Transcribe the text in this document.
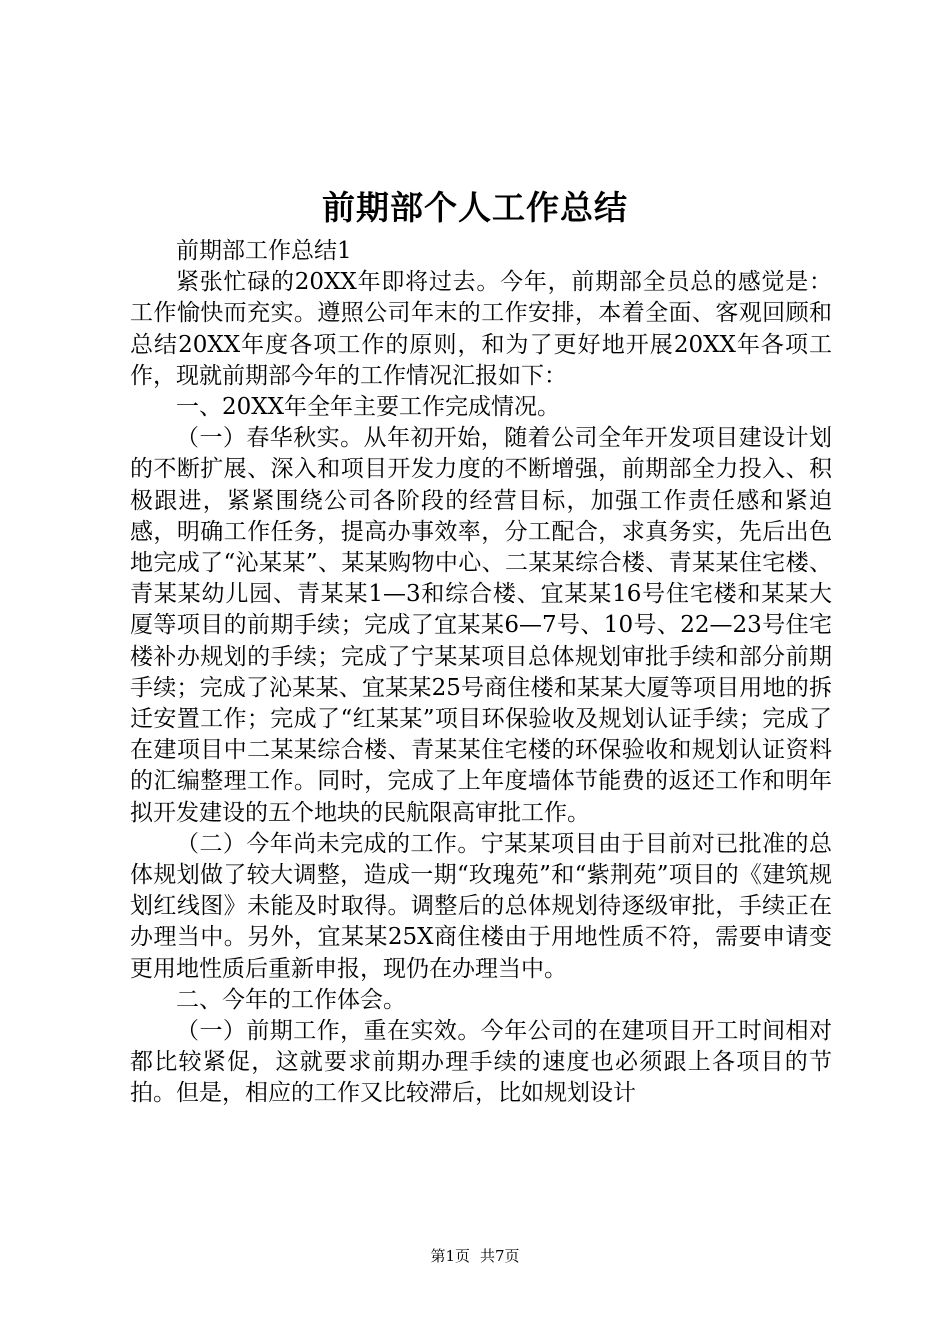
前期部个人工作总结

前期部工作总结1

紧张忙碌的20XX年即将过去。今年，前期部全员总的感觉是：工作愉快而充实。遵照公司年末的工作安排，本着全面、客观回顾和总结20XX年度各项工作的原则，和为了更好地开展20XX年各项工作，现就前期部今年的工作情况汇报如下：

一、20XX年全年主要工作完成情况。

（一）春华秋实。从年初开始，随着公司全年开发项目建设计划的不断扩展、深入和项目开发力度的不断增强，前期部全力投入、积极跟进，紧紧围绕公司各阶段的经营目标，加强工作责任感和紧迫感，明确工作任务，提高办事效率，分工配合，求真务实，先后出色地完成了“沁某某”、某某购物中心、二某某综合楼、青某某住宅楼、青某某幼儿园、青某某1—3和综合楼、宜某某16号住宅楼和某某大厦等项目的前期手续；完成了宜某某6—7号、10号、22—23号住宅楼补办规划的手续；完成了宁某某项目总体规划审批手续和部分前期手续；完成了沁某某、宜某某25号商住楼和某某大厦等项目用地的拆迁安置工作；完成了“红某某”项目环保验收及规划认证手续；完成了在建项目中二某某综合楼、青某某住宅楼的环保验收和规划认证资料的汇编整理工作。同时，完成了上年度墙体节能费的返还工作和明年拟开发建设的五个地块的民航限高审批工作。

（二）今年尚未完成的工作。宁某某项目由于目前对已批准的总体规划做了较大调整，造成一期“玫瑰苑”和“紫荆苑”项目的《建筑规划红线图》未能及时取得。调整后的总体规划待逐级审批，手续正在办理当中。另外，宜某某25X商住楼由于用地性质不符，需要申请变更用地性质后重新申报，现仍在办理当中。

二、今年的工作体会。

（一）前期工作，重在实效。今年公司的在建项目开工时间相对都比较紧促，这就要求前期办理手续的速度也必须跟上各项目的节拍。但是，相应的工作又比较滞后，比如规划设计

第1页 共7页
